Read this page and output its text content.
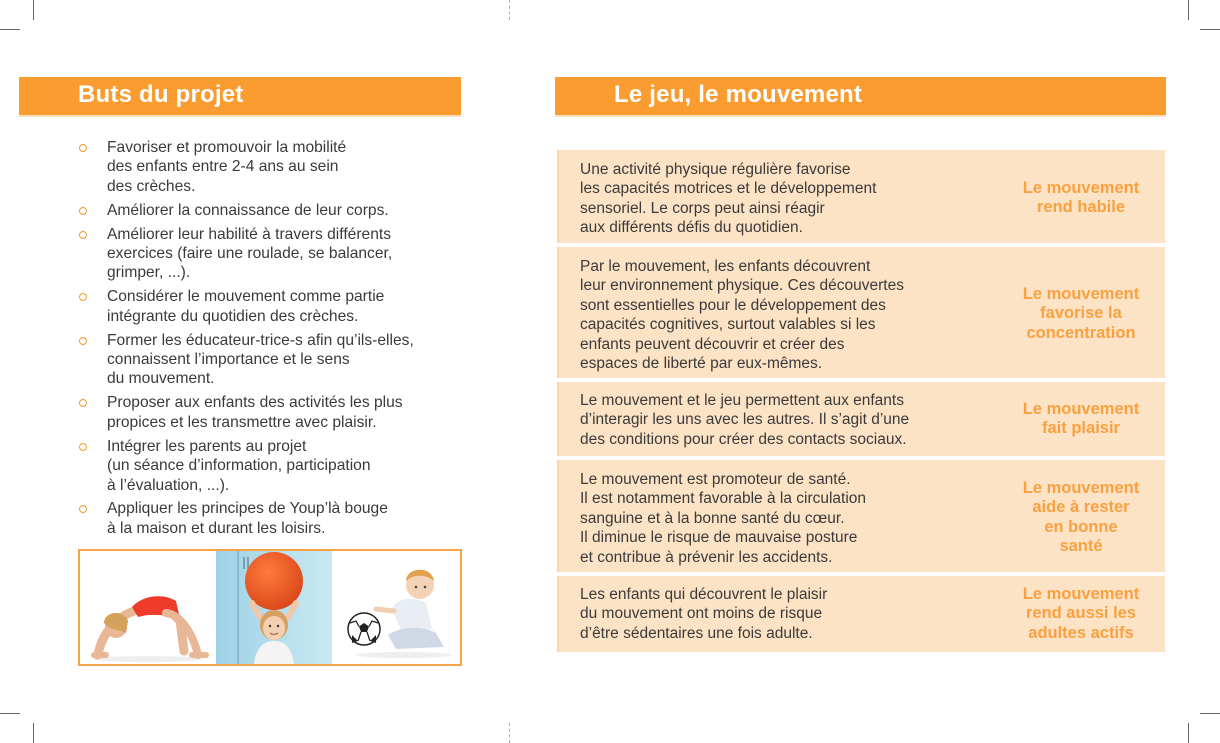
Buts du projet
Favoriser et promouvoir la mobilité
des enfants entre 2-4 ans au sein
des crèches.
Améliorer la connaissance de leur corps.
Améliorer leur habilité à travers différents
exercices (faire une roulade, se balancer,
grimper, ...).
Considérer le mouvement comme partie
intégrante du quotidien des crèches.
Former les éducateur-trice-s afin qu’ils-elles,
connaissent l’importance et le sens
du mouvement.
Proposer aux enfants des activités les plus
propices et les transmettre avec plaisir.
Intégrer les parents au projet
(un séance d’information, participation
à l’évaluation, ...).
Appliquer les principes de Youp’là bouge
à la maison et durant les loisirs.
Le jeu, le mouvement
Une activité physique régulière favorise
les capacités motrices et le développement
sensoriel. Le corps peut ainsi réagir
aux différents défis du quotidien.
Le mouvement
rend habile
Par le mouvement, les enfants découvrent
leur environnement physique. Ces découvertes
sont essentielles pour le développement des
capacités cognitives, surtout valables si les
enfants peuvent découvrir et créer des
espaces de liberté par eux-mêmes.
Le mouvement
favorise la
concentration
Le mouvement et le jeu permettent aux enfants
d’interagir les uns avec les autres. Il s’agit d’une
des conditions pour créer des contacts sociaux.
Le mouvement
fait plaisir
Le mouvement est promoteur de santé.
Il est notamment favorable à la circulation
sanguine et à la bonne santé du cœur.
Il diminue le risque de mauvaise posture
et contribue à prévenir les accidents.
Le mouvement
aide à rester
en bonne
santé
Les enfants qui découvrent le plaisir
du mouvement ont moins de risque
d’être sédentaires une fois adulte.
Le mouvement
rend aussi les
adultes actifs
